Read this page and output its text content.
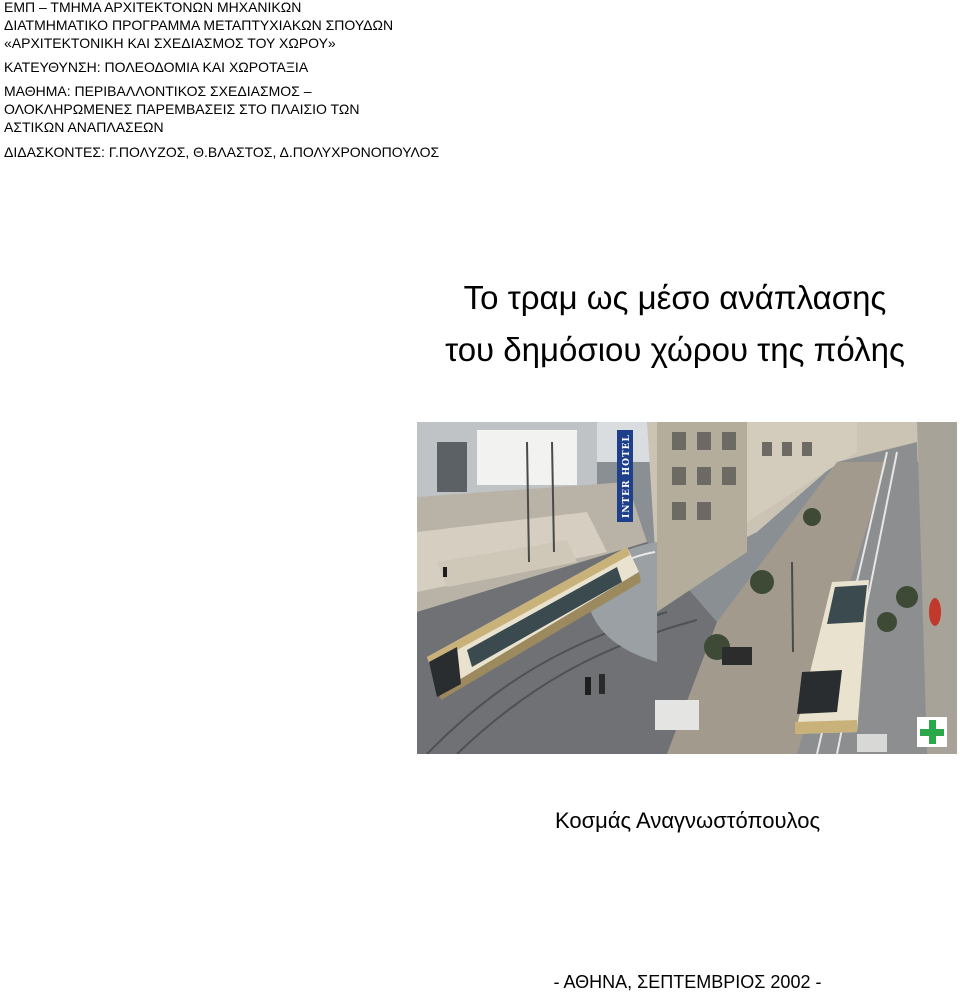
ΕΜΠ – ΤΜΗΜΑ ΑΡΧΙΤΕΚΤΟΝΩΝ ΜΗΧΑΝΙΚΩΝ
ΔΙΑΤΜΗΜΑΤΙΚΟ ΠΡΟΓΡΑΜΜΑ ΜΕΤΑΠΤΥΧΙΑΚΩΝ ΣΠΟΥΔΩΝ
«ΑΡΧΙΤΕΚΤΟΝΙΚΗ ΚΑΙ ΣΧΕΔΙΑΣΜΟΣ ΤΟΥ ΧΩΡΟΥ»
ΚΑΤΕΥΘΥΝΣΗ: ΠΟΛΕΟΔΟΜΙΑ ΚΑΙ ΧΩΡΟΤΑΞΙΑ
ΜΑΘΗΜΑ: ΠΕΡΙΒΑΛΛΟΝΤΙΚΟΣ ΣΧΕΔΙΑΣΜΟΣ –
ΟΛΟΚΛΗΡΩΜΕΝΕΣ ΠΑΡΕΜΒΑΣΕΙΣ ΣΤΟ ΠΛΑΙΣΙΟ ΤΩΝ
ΑΣΤΙΚΩΝ ΑΝΑΠΛΑΣΕΩΝ
ΔΙΔΑΣΚΟΝΤΕΣ: Γ.ΠΟΛΥΖΟΣ, Θ.ΒΛΑΣΤΟΣ, Δ.ΠΟΛΥΧΡΟΝΟΠΟΥΛΟΣ
Το τραμ ως μέσο ανάπλασης
του δημόσιου χώρου της πόλης
INTER HOTEL
Κοσμάς Αναγνωστόπουλος
- ΑΘΗΝΑ, ΣΕΠΤΕΜΒΡΙΟΣ 2002 -
